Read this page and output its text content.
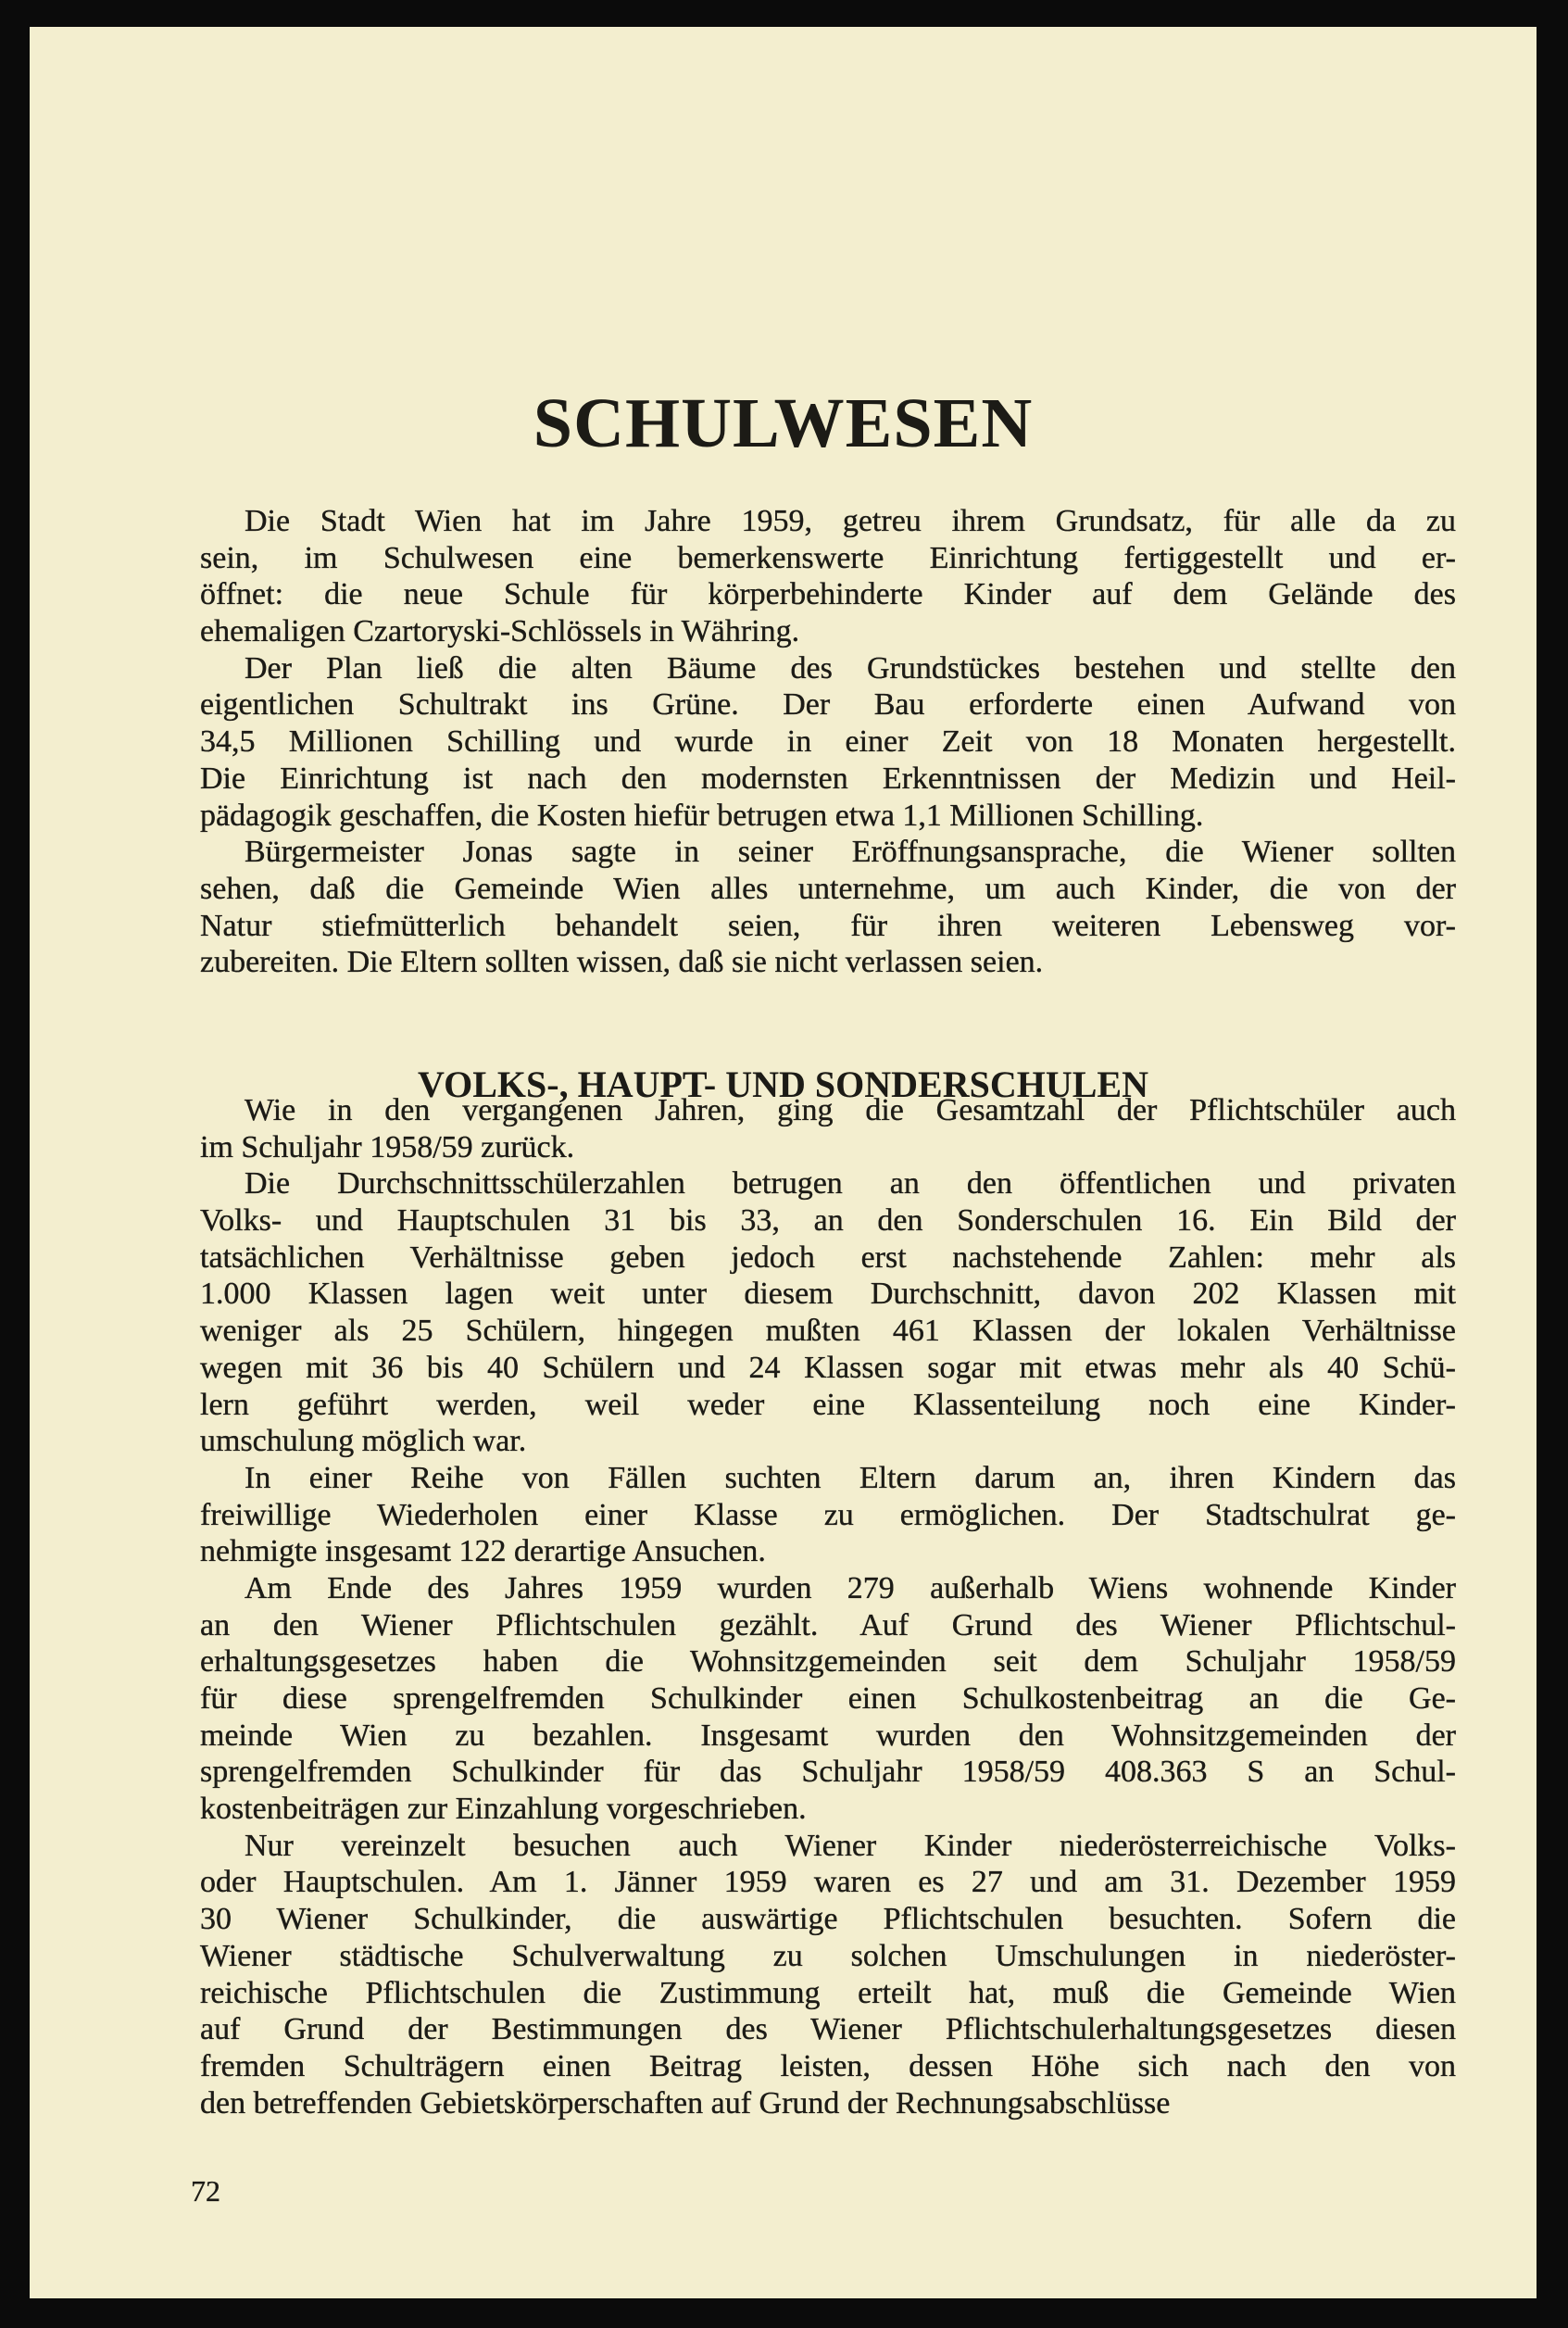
SCHULWESEN
Die Stadt Wien hat im Jahre 1959, getreu ihrem Grundsatz, für alle da zu
sein, im Schulwesen eine bemerkenswerte Einrichtung fertiggestellt und er-
öffnet: die neue Schule für körperbehinderte Kinder auf dem Gelände des
ehemaligen Czartoryski-Schlössels in Währing.
Der Plan ließ die alten Bäume des Grundstückes bestehen und stellte den
eigentlichen Schultrakt ins Grüne. Der Bau erforderte einen Aufwand von
34,5 Millionen Schilling und wurde in einer Zeit von 18 Monaten hergestellt.
Die Einrichtung ist nach den modernsten Erkenntnissen der Medizin und Heil-
pädagogik geschaffen, die Kosten hiefür betrugen etwa 1,1 Millionen Schilling.
Bürgermeister Jonas sagte in seiner Eröffnungsansprache, die Wiener sollten
sehen, daß die Gemeinde Wien alles unternehme, um auch Kinder, die von der
Natur stiefmütterlich behandelt seien, für ihren weiteren Lebensweg vor-
zubereiten. Die Eltern sollten wissen, daß sie nicht verlassen seien.
VOLKS-, HAUPT- UND SONDERSCHULEN
Wie in den vergangenen Jahren, ging die Gesamtzahl der Pflichtschüler auch
im Schuljahr 1958/59 zurück.
Die Durchschnittsschülerzahlen betrugen an den öffentlichen und privaten
Volks- und Hauptschulen 31 bis 33, an den Sonderschulen 16. Ein Bild der
tatsächlichen Verhältnisse geben jedoch erst nachstehende Zahlen: mehr als
1.000 Klassen lagen weit unter diesem Durchschnitt, davon 202 Klassen mit
weniger als 25 Schülern, hingegen mußten 461 Klassen der lokalen Verhältnisse
wegen mit 36 bis 40 Schülern und 24 Klassen sogar mit etwas mehr als 40 Schü-
lern geführt werden, weil weder eine Klassenteilung noch eine Kinder-
umschulung möglich war.
In einer Reihe von Fällen suchten Eltern darum an, ihren Kindern das
freiwillige Wiederholen einer Klasse zu ermöglichen. Der Stadtschulrat ge-
nehmigte insgesamt 122 derartige Ansuchen.
Am Ende des Jahres 1959 wurden 279 außerhalb Wiens wohnende Kinder
an den Wiener Pflichtschulen gezählt. Auf Grund des Wiener Pflichtschul-
erhaltungsgesetzes haben die Wohnsitzgemeinden seit dem Schuljahr 1958/59
für diese sprengelfremden Schulkinder einen Schulkostenbeitrag an die Ge-
meinde Wien zu bezahlen. Insgesamt wurden den Wohnsitzgemeinden der
sprengelfremden Schulkinder für das Schuljahr 1958/59 408.363 S an Schul-
kostenbeiträgen zur Einzahlung vorgeschrieben.
Nur vereinzelt besuchen auch Wiener Kinder niederösterreichische Volks-
oder Hauptschulen. Am 1. Jänner 1959 waren es 27 und am 31. Dezember 1959
30 Wiener Schulkinder, die auswärtige Pflichtschulen besuchten. Sofern die
Wiener städtische Schulverwaltung zu solchen Umschulungen in niederöster-
reichische Pflichtschulen die Zustimmung erteilt hat, muß die Gemeinde Wien
auf Grund der Bestimmungen des Wiener Pflichtschulerhaltungsgesetzes diesen
fremden Schulträgern einen Beitrag leisten, dessen Höhe sich nach den von
den betreffenden Gebietskörperschaften auf Grund der Rechnungsabschlüsse
72
